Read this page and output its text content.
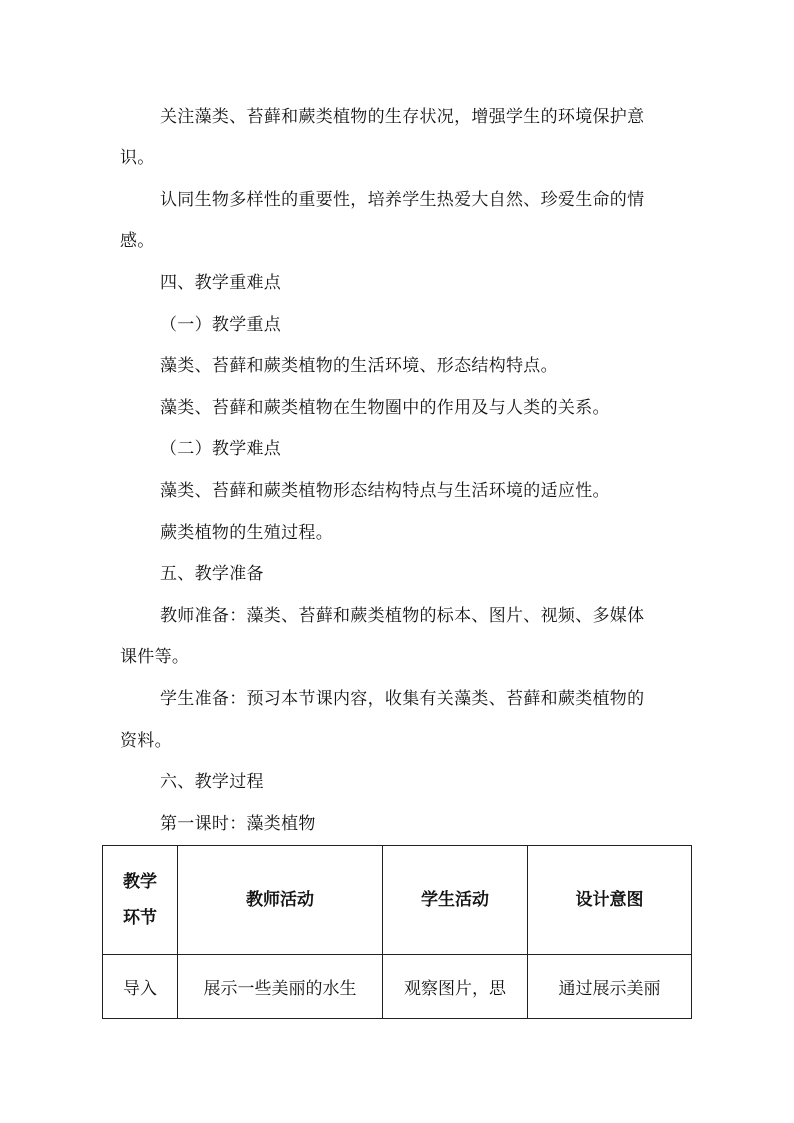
关注藻类、苔藓和蕨类植物的生存状况，增强学生的环境保护意
识。
认同生物多样性的重要性，培养学生热爱大自然、珍爱生命的情
感。
四、教学重难点
（一）教学重点
藻类、苔藓和蕨类植物的生活环境、形态结构特点。
藻类、苔藓和蕨类植物在生物圈中的作用及与人类的关系。
（二）教学难点
藻类、苔藓和蕨类植物形态结构特点与生活环境的适应性。
蕨类植物的生殖过程。
五、教学准备
教师准备：藻类、苔藓和蕨类植物的标本、图片、视频、多媒体
课件等。
学生准备：预习本节课内容，收集有关藻类、苔藓和蕨类植物的
资料。
六、教学过程
第一课时：藻类植物
教学
环节	教师活动	学生活动	设计意图
导入	展示一些美丽的水生	观察图片，思	通过展示美丽
